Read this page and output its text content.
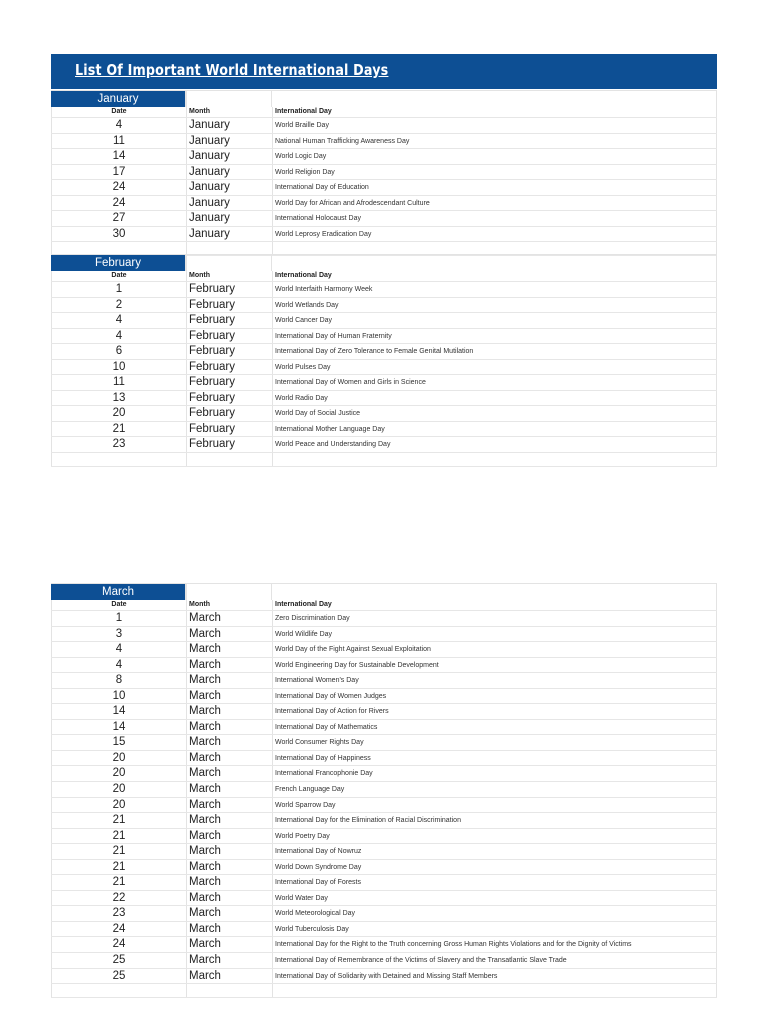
List Of Important World International Days
January
Date	Month	International Day
4	January	World Braille Day
11	January	National Human Trafficking Awareness Day
14	January	World Logic Day
17	January	World Religion Day
24	January	International Day of Education
24	January	World Day for African and Afrodescendant Culture
27	January	International Holocaust Day
30	January	World Leprosy Eradication Day
February
Date	Month	International Day
1	February	World Interfaith Harmony Week
2	February	World Wetlands Day
4	February	World Cancer Day
4	February	International Day of Human Fraternity
6	February	International Day of Zero Tolerance to Female Genital Mutilation
10	February	World Pulses Day
11	February	International Day of Women and Girls in Science
13	February	World Radio Day
20	February	World Day of Social Justice
21	February	International Mother Language Day
23	February	World Peace and Understanding Day
March
Date	Month	International Day
1	March	Zero Discrimination Day
3	March	World Wildlife Day
4	March	World Day of the Fight Against Sexual Exploitation
4	March	World Engineering Day for Sustainable Development
8	March	International Women's Day
10	March	International Day of Women Judges
14	March	International Day of Action for Rivers
14	March	International Day of Mathematics
15	March	World Consumer Rights Day
20	March	International Day of Happiness
20	March	International Francophonie Day
20	March	French Language Day
20	March	World Sparrow Day
21	March	International Day for the Elimination of Racial Discrimination
21	March	World Poetry Day
21	March	International Day of Nowruz
21	March	World Down Syndrome Day
21	March	International Day of Forests
22	March	World Water Day
23	March	World Meteorological Day
24	March	World Tuberculosis Day
24	March	International Day for the Right to the Truth concerning Gross Human Rights Violations and for the Dignity of Victims
25	March	International Day of Remembrance of the Victims of Slavery and the Transatlantic Slave Trade
25	March	International Day of Solidarity with Detained and Missing Staff Members
